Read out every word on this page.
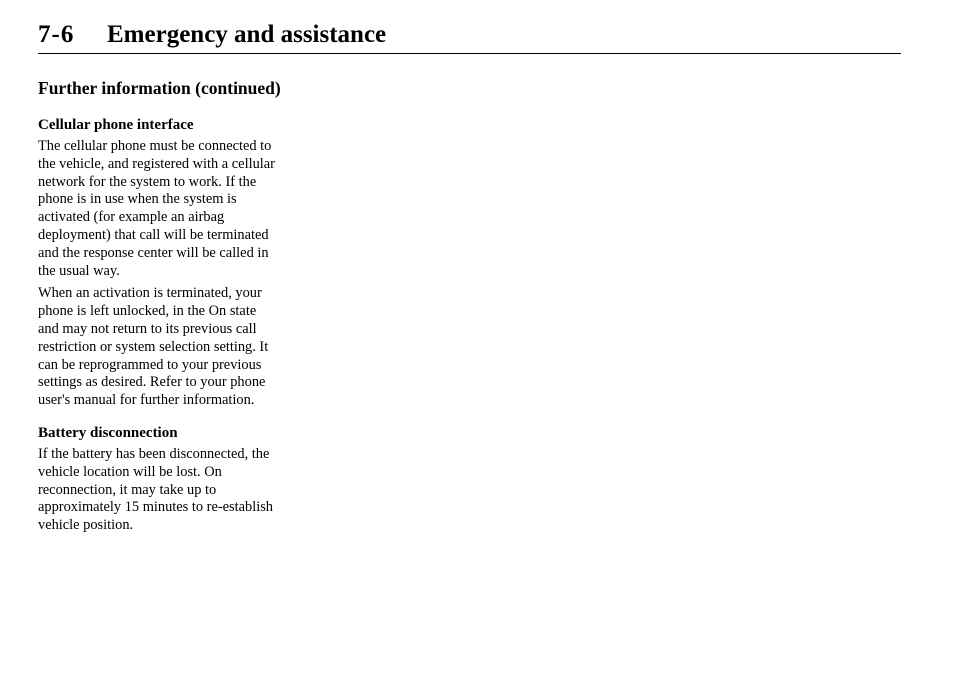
7-6 Emergency and assistance
Further information (continued)
Cellular phone interface

The cellular phone must be connected to
the vehicle, and registered with a cellular
network for the system to work. If the
phone is in use when the system is
activated (for example an airbag
deployment) that call will be terminated
and the response center will be called in
the usual way.

When an activation is terminated, your
phone is left unlocked, in the On state
and may not return to its previous call
restriction or system selection setting. It
can be reprogrammed to your previous
settings as desired. Refer to your phone
user's manual for further information.

Battery disconnection

If the battery has been disconnected, the
vehicle location will be lost. On
reconnection, it may take up to
approximately 15 minutes to re-establish
vehicle position.
